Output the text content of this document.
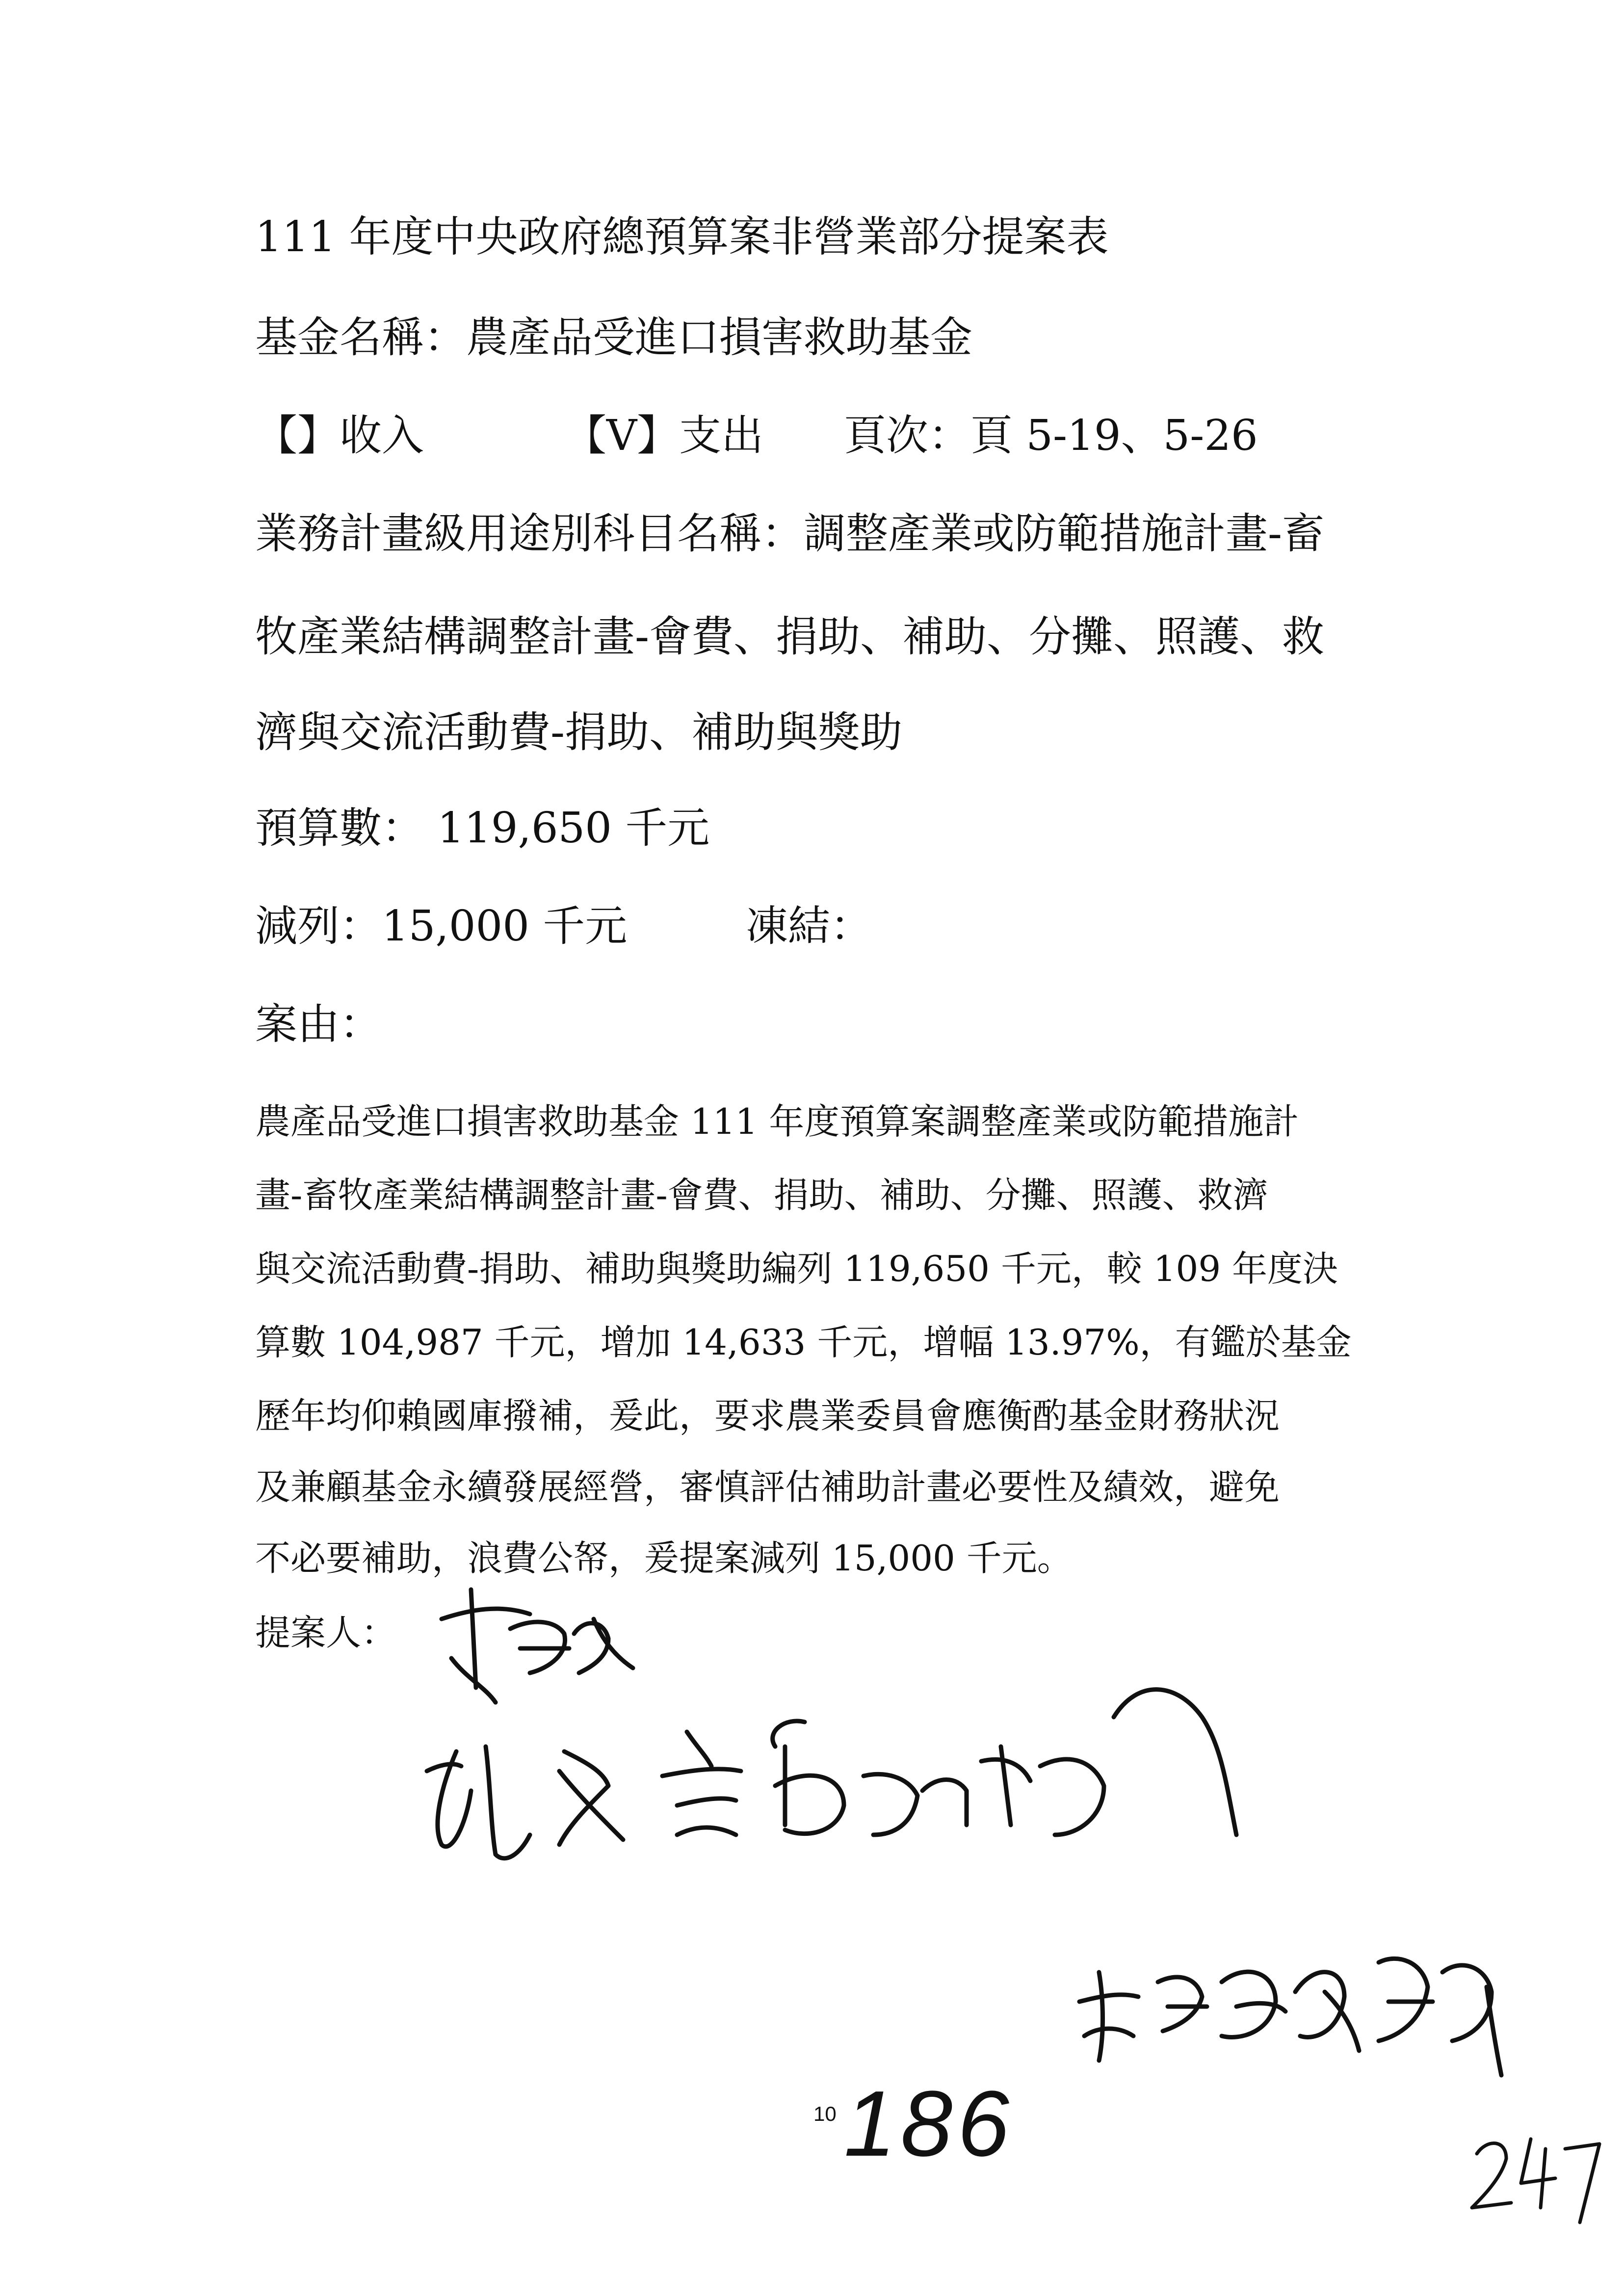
111 年度中央政府總預算案非營業部分提案表
基金名稱：農產品受進口損害救助基金
【】收入	【V】支出 頁次：頁 5-19、5-26
業務計畫級用途別科目名稱：調整產業或防範措施計畫-畜
牧產業結構調整計畫-會費、捐助、補助、分攤、照護、救
濟與交流活動費-捐助、補助與獎助
預算數： 119,650 千元
減列：15,000 千元	凍結：
案由：
農產品受進口損害救助基金 111 年度預算案調整產業或防範措施計
畫-畜牧產業結構調整計畫-會費、捐助、補助、分攤、照護、救濟
與交流活動費-捐助、補助與獎助編列 119,650 千元，較 109 年度決
算數 104,987 千元，增加 14,633 千元，增幅 13.97%，有鑑於基金
歷年均仰賴國庫撥補，爰此，要求農業委員會應衡酌基金財務狀況
及兼顧基金永續發展經營，審慎評估補助計畫必要性及績效，避免
不必要補助，浪費公帑，爰提案減列 15,000 千元。
提案人：
10 186
